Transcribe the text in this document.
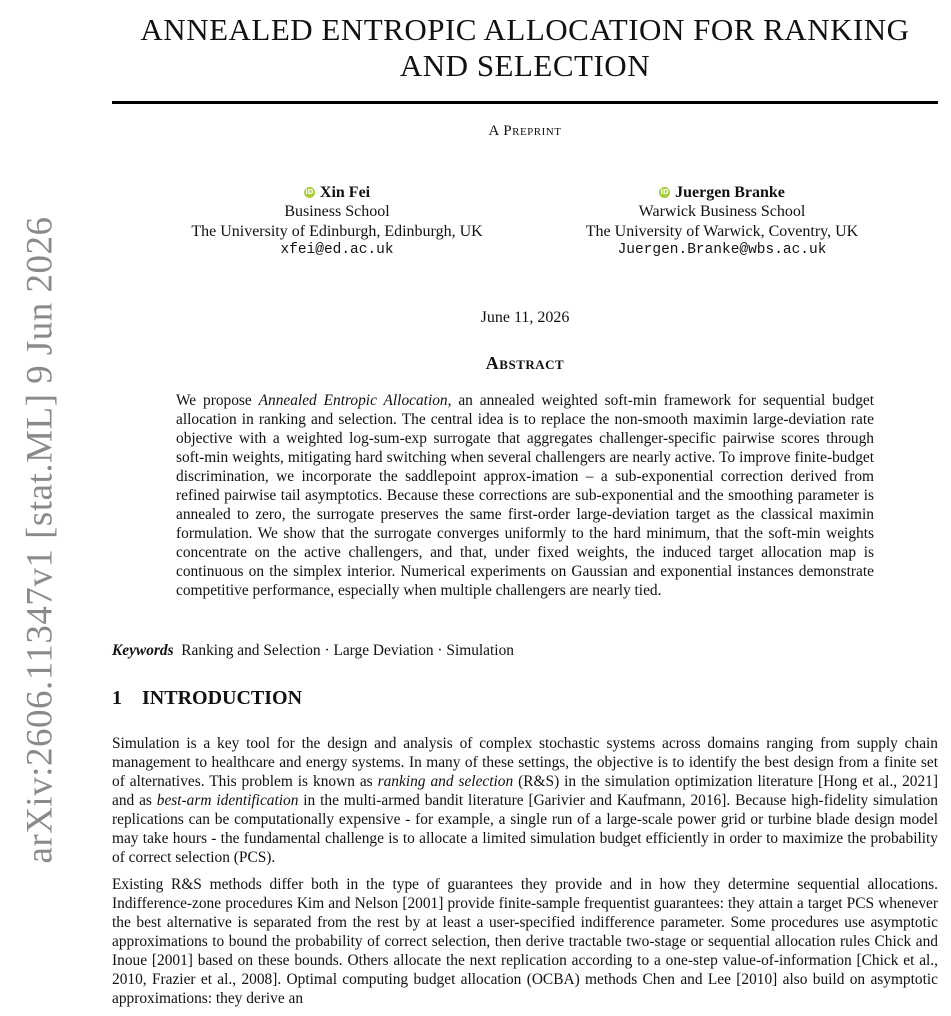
arXiv:2606.11347v1 [stat.ML] 9 Jun 2026
ANNEALED ENTROPIC ALLOCATION FOR RANKING AND SELECTION
A Preprint
iD Xin Fei
Business School
The University of Edinburgh, Edinburgh, UK
xfei@ed.ac.uk
iD Juergen Branke
Warwick Business School
The University of Warwick, Coventry, UK
Juergen.Branke@wbs.ac.uk
June 11, 2026
Abstract
We propose Annealed Entropic Allocation, an annealed weighted soft-min framework for sequential budget allocation in ranking and selection. The central idea is to replace the non-smooth maximin large-deviation rate objective with a weighted log-sum-exp surrogate that aggregates challenger-specific pairwise scores through soft-min weights, mitigating hard switching when several challengers are nearly active. To improve finite-budget discrimination, we incorporate the saddlepoint approx-imation – a sub-exponential correction derived from refined pairwise tail asymptotics. Because these corrections are sub-exponential and the smoothing parameter is annealed to zero, the surrogate preserves the same first-order large-deviation target as the classical maximin formulation. We show that the surrogate converges uniformly to the hard minimum, that the soft-min weights concentrate on the active challengers, and that, under fixed weights, the induced target allocation map is continuous on the simplex interior. Numerical experiments on Gaussian and exponential instances demonstrate competitive performance, especially when multiple challengers are nearly tied.
Keywords Ranking and Selection · Large Deviation · Simulation
1 INTRODUCTION

Simulation is a key tool for the design and analysis of complex stochastic systems across domains ranging from supply chain management to healthcare and energy systems. In many of these settings, the objective is to identify the best design from a finite set of alternatives. This problem is known as ranking and selection (R&S) in the simulation optimization literature [Hong et al., 2021] and as best-arm identification in the multi-armed bandit literature [Garivier and Kaufmann, 2016]. Because high-fidelity simulation replications can be computationally expensive - for example, a single run of a large-scale power grid or turbine blade design model may take hours - the fundamental challenge is to allocate a limited simulation budget efficiently in order to maximize the probability of correct selection (PCS).

Existing R&S methods differ both in the type of guarantees they provide and in how they determine sequential allocations. Indifference-zone procedures Kim and Nelson [2001] provide finite-sample frequentist guarantees: they attain a target PCS whenever the best alternative is separated from the rest by at least a user-specified indifference parameter. Some procedures use asymptotic approximations to bound the probability of correct selection, then derive tractable two-stage or sequential allocation rules Chick and Inoue [2001] based on these bounds. Others allocate the next replication according to a one-step value-of-information [Chick et al., 2010, Frazier et al., 2008]. Optimal computing budget allocation (OCBA) methods Chen and Lee [2010] also build on asymptotic approximations: they derive an
